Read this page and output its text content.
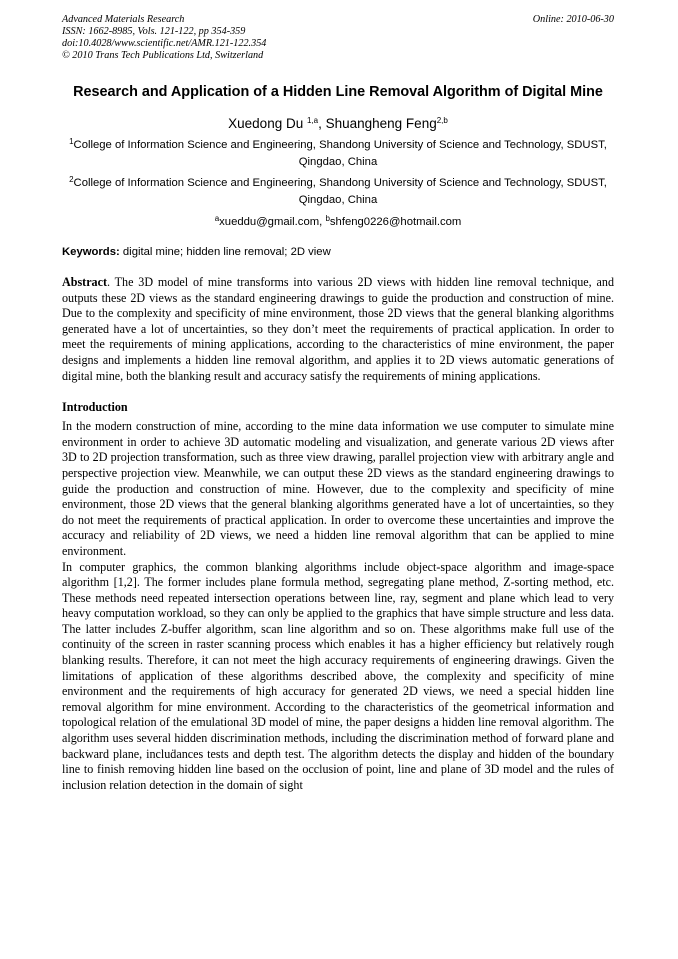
Online: 2010-06-30
Advanced Materials Research
ISSN: 1662-8985, Vols. 121-122, pp 354-359
doi:10.4028/www.scientific.net/AMR.121-122.354
© 2010 Trans Tech Publications Ltd, Switzerland
Research and Application of a Hidden Line Removal Algorithm of Digital Mine
Xuedong Du $^{1,a}$, Shuangheng Feng$^{2,b}$
$^1$College of Information Science and Engineering, Shandong University of Science and Technology, SDUST, Qingdao, China
$^2$College of Information Science and Engineering, Shandong University of Science and Technology, SDUST, Qingdao, China
$^a$xueddu@gmail.com, $^b$shfeng0226@hotmail.com
Keywords: digital mine; hidden line removal; 2D view
Abstract. The 3D model of mine transforms into various 2D views with hidden line removal technique, and outputs these 2D views as the standard engineering drawings to guide the production and construction of mine. Due to the complexity and specificity of mine environment, those 2D views that the general blanking algorithms generated have a lot of uncertainties, so they don’t meet the requirements of practical application. In order to meet the requirements of mining applications, according to the characteristics of mine environment, the paper designs and implements a hidden line removal algorithm, and applies it to 2D views automatic generations of digital mine, both the blanking result and accuracy satisfy the requirements of mining applications.
Introduction
In the modern construction of mine, according to the mine data information we use computer to simulate mine environment in order to achieve 3D automatic modeling and visualization, and generate various 2D views after 3D to 2D projection transformation, such as three view drawing, parallel projection view with arbitrary angle and perspective projection view. Meanwhile, we can output these 2D views as the standard engineering drawings to guide the production and construction of mine. However, due to the complexity and specificity of mine environment, those 2D views that the general blanking algorithms generated have a lot of uncertainties, so they do not meet the requirements of practical application. In order to overcome these uncertainties and improve the accuracy and reliability of 2D views, we need a hidden line removal algorithm that can be applied to mine environment.
In computer graphics, the common blanking algorithms include object-space algorithm and image-space algorithm [1,2]. The former includes plane formula method, segregating plane method, Z-sorting method, etc. These methods need repeated intersection operations between line, ray, segment and plane which lead to very heavy computation workload, so they can only be applied to the graphics that have simple structure and less data. The latter includes Z-buffer algorithm, scan line algorithm and so on. These algorithms make full use of the continuity of the screen in raster scanning process which enables it has a higher efficiency but relatively rough blanking results. Therefore, it can not meet the high accuracy requirements of engineering drawings. Given the limitations of application of these algorithms described above, the complexity and specificity of mine environment and the requirements of high accuracy for generated 2D views, we need a special hidden line removal algorithm for mine environment. According to the characteristics of the geometrical information and topological relation of the emulational 3D model of mine, the paper designs a hidden line removal algorithm. The algorithm uses several hidden discrimination methods, including the discrimination method of forward plane and backward plane, incluḋances tests and depth test. The algorithm detects the display and hidden of the boundary line to finish removing hidden line based on the occlusion of point, line and plane of 3D model and the rules of inclusion relation detection in the domain of sight
